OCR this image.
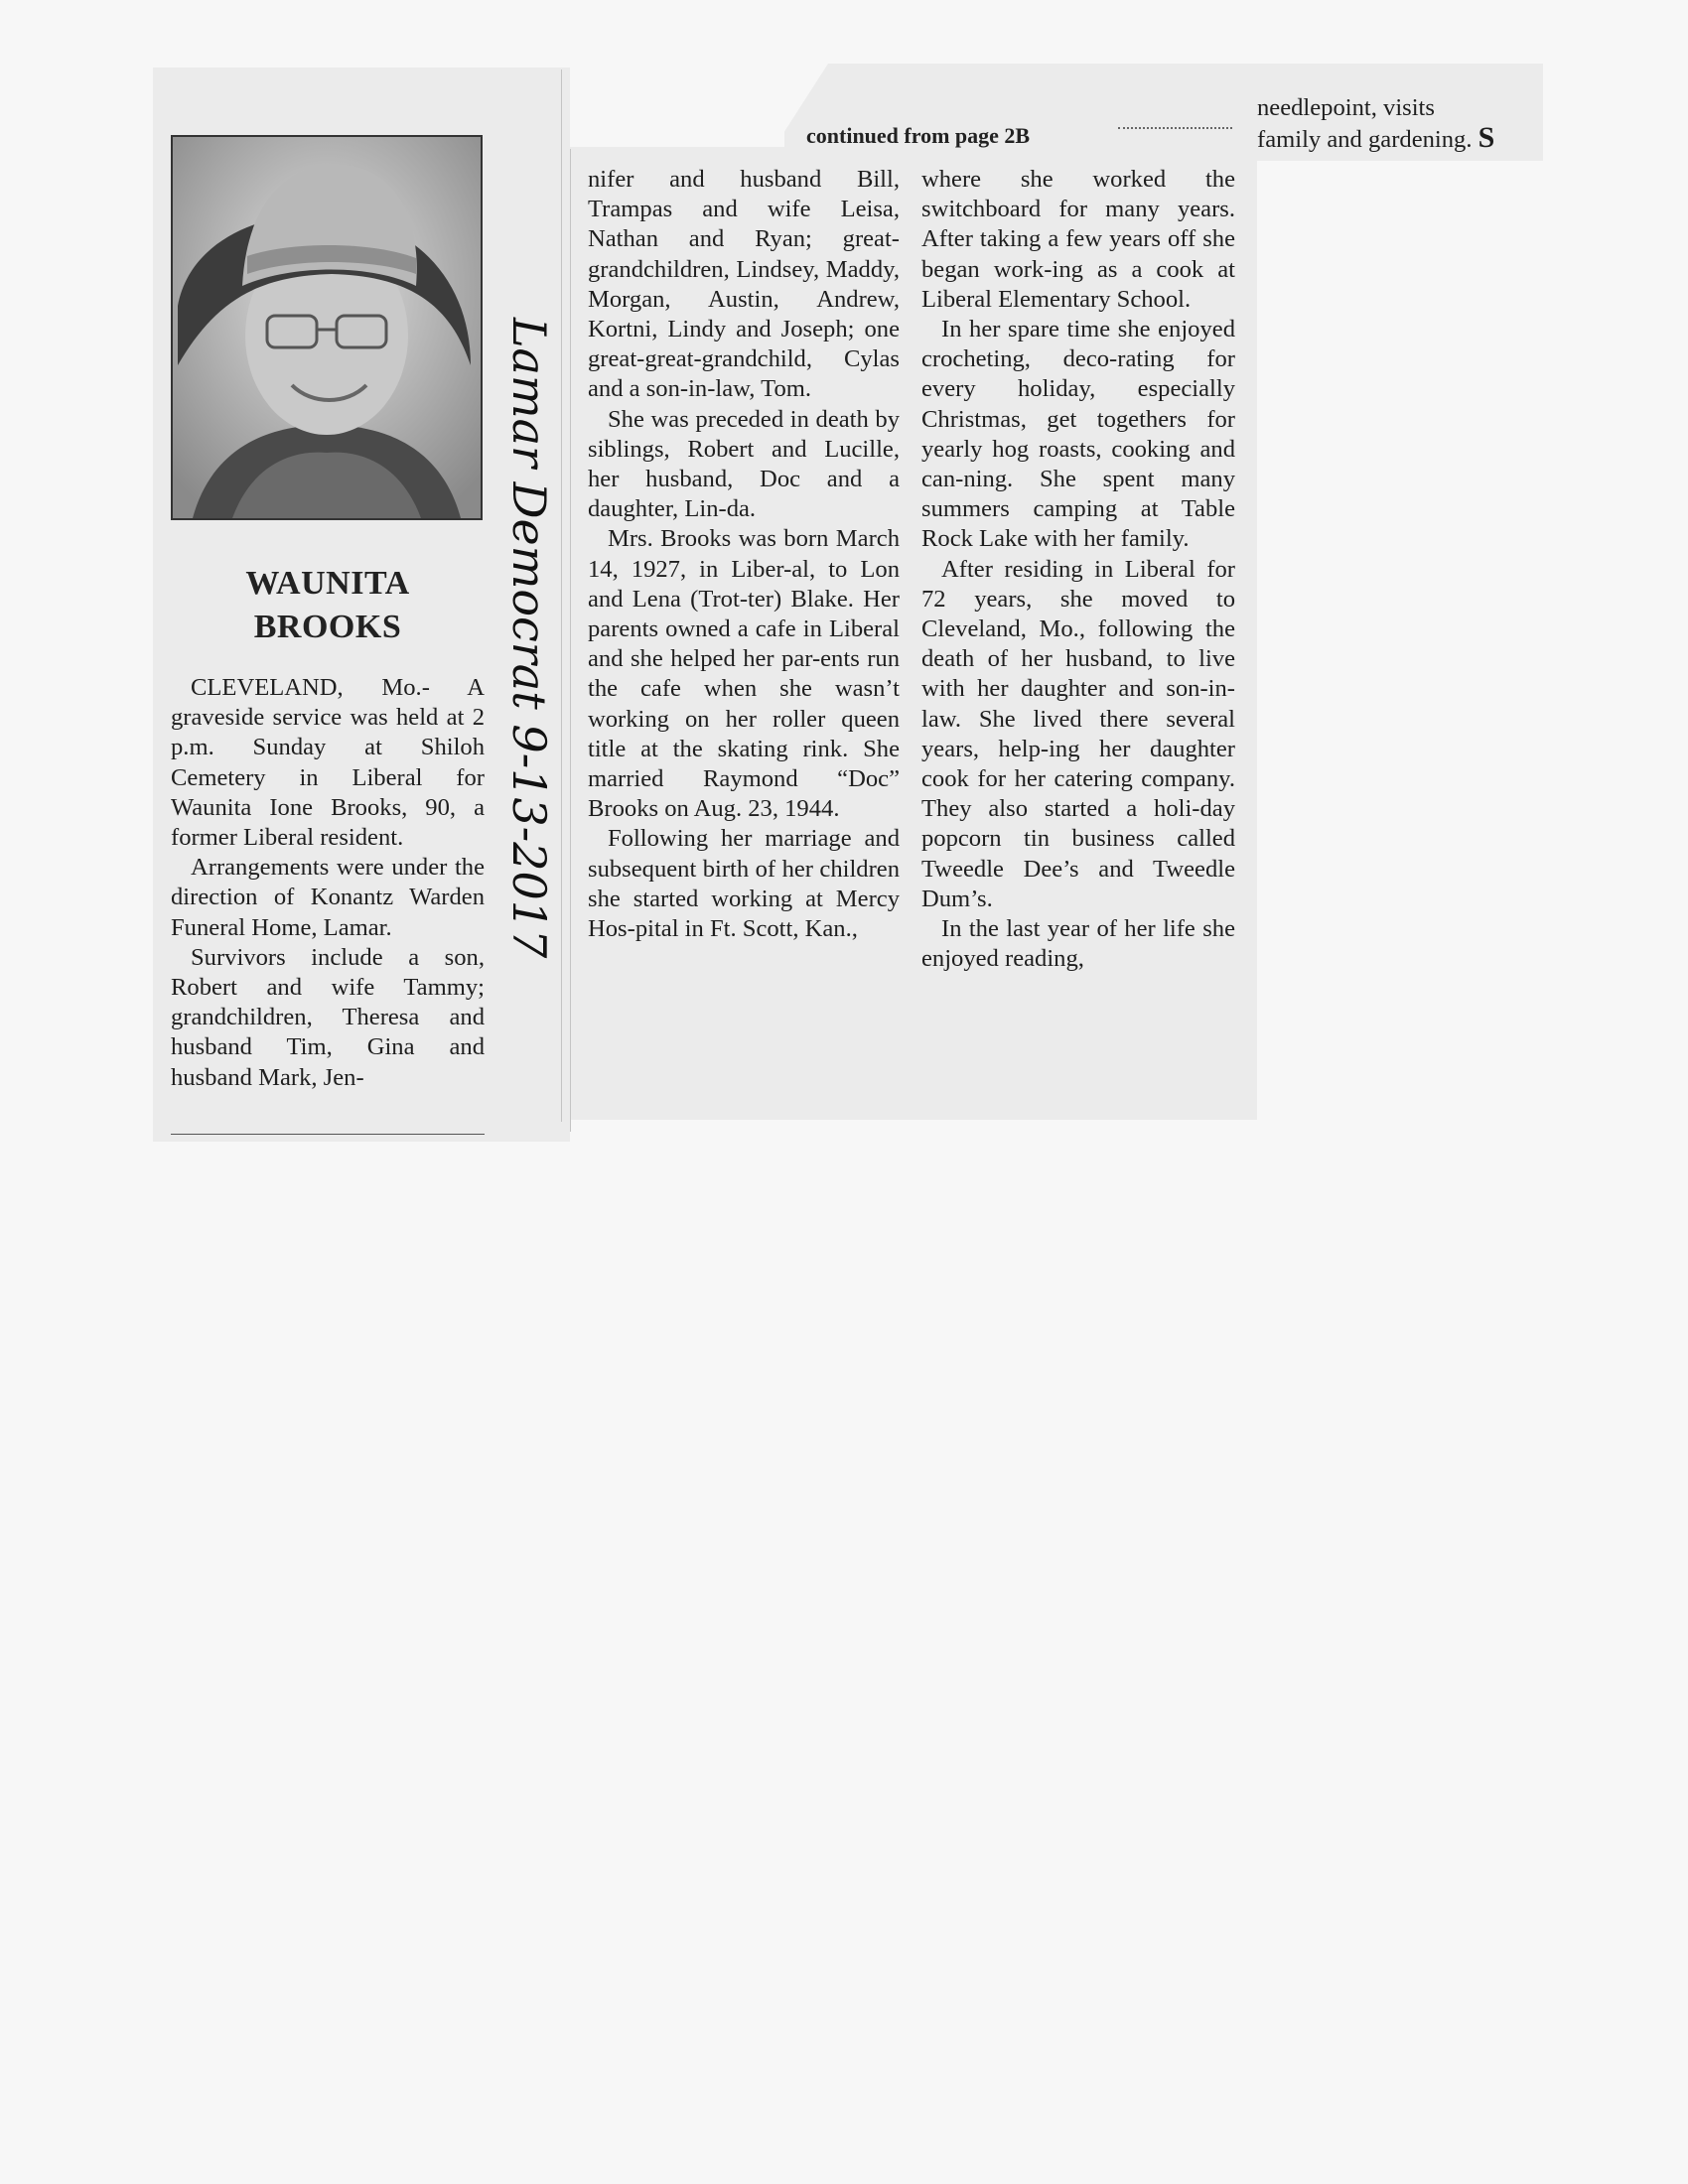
WAUNITA
BROOKS

CLEVELAND, Mo.- A graveside service was held at 2 p.m. Sunday at Shiloh Cemetery in Liberal for Waunita Ione Brooks, 90, a former Liberal resident.

Arrangements were under the direction of Konantz Warden Funeral Home, Lamar.

Survivors include a son, Robert and wife Tammy; grandchildren, Theresa and husband Tim, Gina and husband Mark, Jen-

Lamar Democrat 9-13-2017
continued from page 2B
needlepoint, visits
family and gardening. S

nifer and husband Bill, Trampas and wife Leisa, Nathan and Ryan; great-grandchildren, Lindsey, Maddy, Morgan, Austin, Andrew, Kortni, Lindy and Joseph; one great-great-grandchild, Cylas and a son-in-law, Tom.

She was preceded in death by siblings, Robert and Lucille, her husband, Doc and a daughter, Lin-da.

Mrs. Brooks was born March 14, 1927, in Liber-al, to Lon and Lena (Trot-ter) Blake. Her parents owned a cafe in Liberal and she helped her par-ents run the cafe when she wasn’t working on her roller queen title at the skating rink. She married Raymond “Doc” Brooks on Aug. 23, 1944.

Following her marriage and subsequent birth of her children she started working at Mercy Hos-pital in Ft. Scott, Kan.,

where she worked the switchboard for many years. After taking a few years off she began work-ing as a cook at Liberal Elementary School.

In her spare time she enjoyed crocheting, deco-rating for every holiday, especially Christmas, get togethers for yearly hog roasts, cooking and can-ning. She spent many summers camping at Table Rock Lake with her family.

After residing in Liberal for 72 years, she moved to Cleveland, Mo., following the death of her husband, to live with her daughter and son-in-law. She lived there several years, help-ing her daughter cook for her catering company. They also started a holi-day popcorn tin business called Tweedle Dee’s and Tweedle Dum’s.

In the last year of her life she enjoyed reading,
